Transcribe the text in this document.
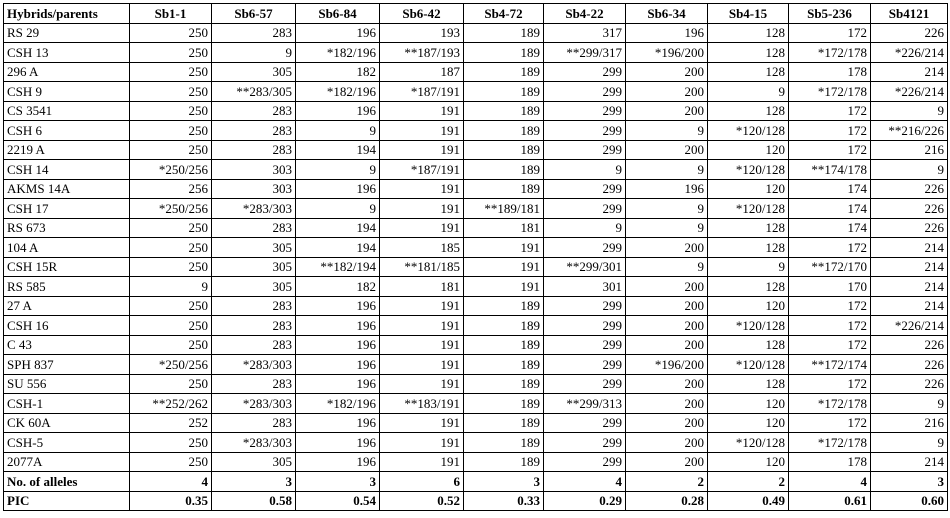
Hybrids/parents	Sb1-1	Sb6-57	Sb6-84	Sb6-42	Sb4-72	Sb4-22	Sb6-34	Sb4-15	Sb5-236	Sb4121
RS 29	250	283	196	193	189	317	196	128	172	226
CSH 13	250	9	*182/196	**187/193	189	**299/317	*196/200	128	*172/178	*226/214
296 A	250	305	182	187	189	299	200	128	178	214
CSH 9	250	**283/305	*182/196	*187/191	189	299	200	9	*172/178	*226/214
CS 3541	250	283	196	191	189	299	200	128	172	9
CSH 6	250	283	9	191	189	299	9	*120/128	172	**216/226
2219 A	250	283	194	191	189	299	200	120	172	216
CSH 14	*250/256	303	9	*187/191	189	9	9	*120/128	**174/178	9
AKMS 14A	256	303	196	191	189	299	196	120	174	226
CSH 17	*250/256	*283/303	9	191	**189/181	299	9	*120/128	174	226
RS 673	250	283	194	191	181	9	9	128	174	226
104 A	250	305	194	185	191	299	200	128	172	214
CSH 15R	250	305	**182/194	**181/185	191	**299/301	9	9	**172/170	214
RS 585	9	305	182	181	191	301	200	128	170	214
27 A	250	283	196	191	189	299	200	120	172	214
CSH 16	250	283	196	191	189	299	200	*120/128	172	*226/214
C 43	250	283	196	191	189	299	200	128	172	226
SPH 837	*250/256	*283/303	196	191	189	299	*196/200	*120/128	**172/174	226
SU 556	250	283	196	191	189	299	200	128	172	226
CSH-1	**252/262	*283/303	*182/196	**183/191	189	**299/313	200	120	*172/178	9
CK 60A	252	283	196	191	189	299	200	120	172	216
CSH-5	250	*283/303	196	191	189	299	200	*120/128	*172/178	9
2077A	250	305	196	191	189	299	200	120	178	214
No. of alleles	4	3	3	6	3	4	2	2	4	3
PIC	0.35	0.58	0.54	0.52	0.33	0.29	0.28	0.49	0.61	0.60
